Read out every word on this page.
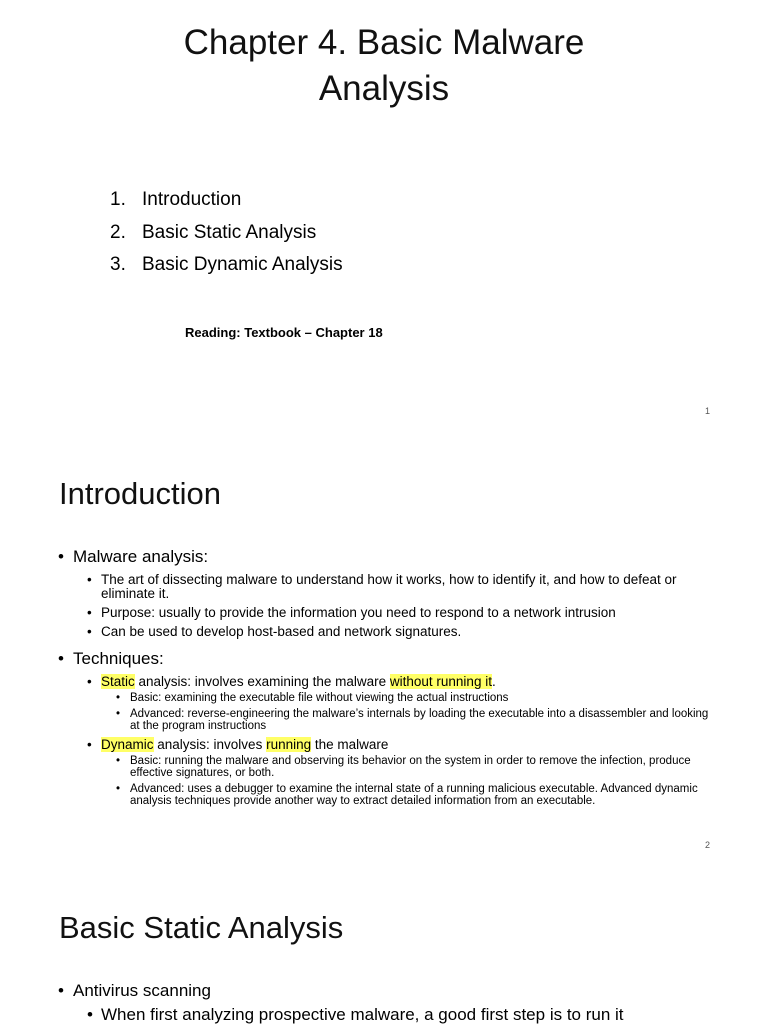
Chapter 4. Basic Malware
Analysis
1. Introduction
2. Basic Static Analysis
3. Basic Dynamic Analysis
Reading: Textbook – Chapter 18
1
Introduction
• Malware analysis:
• The art of dissecting malware to understand how it works, how to identify it, and how to defeat or eliminate it.
• Purpose: usually to provide the information you need to respond to a network intrusion
• Can be used to develop host-based and network signatures.
• Techniques:
• Static analysis: involves examining the malware without running it.
• Basic: examining the executable file without viewing the actual instructions
• Advanced: reverse-engineering the malware’s internals by loading the executable into a disassembler and looking at the program instructions
• Dynamic analysis: involves running the malware
• Basic: running the malware and observing its behavior on the system in order to remove the infection, produce effective signatures, or both.
• Advanced: uses a debugger to examine the internal state of a running malicious executable. Advanced dynamic analysis techniques provide another way to extract detailed information from an executable.
2
Basic Static Analysis
• Antivirus scanning
• When first analyzing prospective malware, a good first step is to run it
